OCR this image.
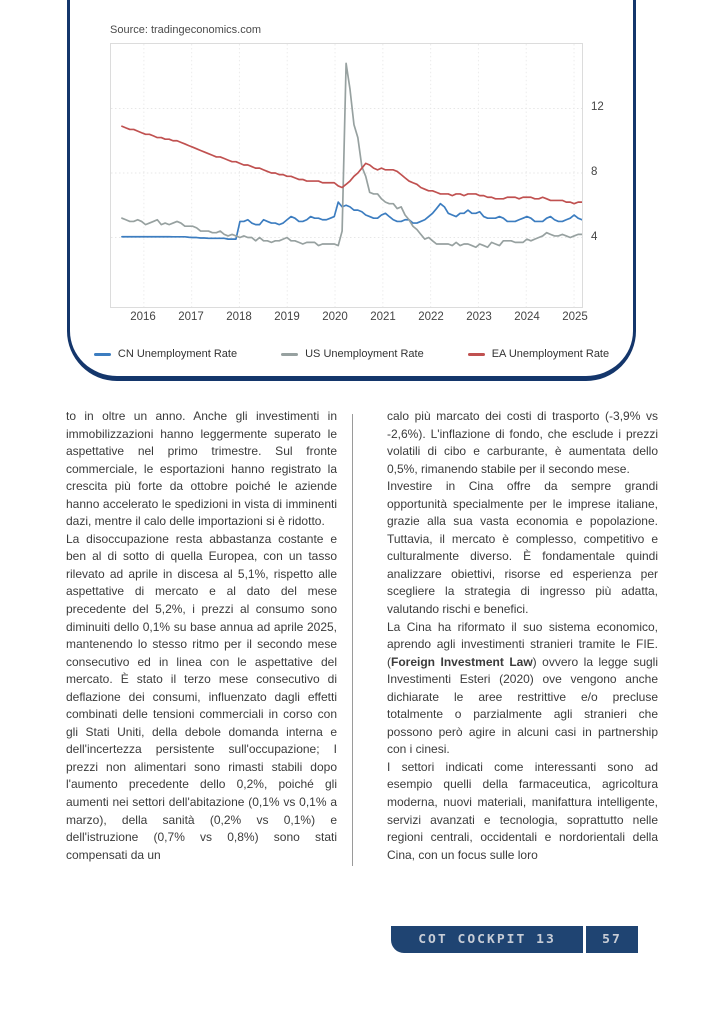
Source: tradingeconomics.com
12
8
4
2016	2017	2018	2019	2020	2021	2022	2023	2024	2025
CN Unemployment Rate	US Unemployment Rate	EA Unemployment Rate
to in oltre un anno. Anche gli investimenti in immobilizzazioni hanno leggermente superato le aspettative nel primo trimestre. Sul fronte commerciale, le esportazioni hanno registrato la crescita più forte da ottobre poiché le aziende hanno accelerato le spedizioni in vista di imminenti dazi, mentre il calo delle importazioni si è ridotto.
La disoccupazione resta abbastanza costante e ben al di sotto di quella Europea, con un tasso rilevato ad aprile in discesa al 5,1%, rispetto alle aspettative di mercato e al dato del mese precedente del 5,2%, i prezzi al consumo sono diminuiti dello 0,1% su base annua ad aprile 2025, mantenendo lo stesso ritmo per il secondo mese consecutivo ed in linea con le aspettative del mercato. È stato il terzo mese consecutivo di deflazione dei consumi, influenzato dagli effetti combinati delle tensioni commerciali in corso con gli Stati Uniti, della debole domanda interna e dell'incertezza persistente sull'occupazione; I prezzi non alimentari sono rimasti stabili dopo l'aumento precedente dello 0,2%, poiché gli aumenti nei settori dell'abitazione (0,1% vs 0,1% a marzo), della sanità (0,2% vs 0,1%) e dell'istruzione (0,7% vs 0,8%) sono stati compensati da un
calo più marcato dei costi di trasporto (-3,9% vs -2,6%). L'inflazione di fondo, che esclude i prezzi volatili di cibo e carburante, è aumentata dello 0,5%, rimanendo stabile per il secondo mese.
Investire in Cina offre da sempre grandi opportunità specialmente per le imprese italiane, grazie alla sua vasta economia e popolazione. Tuttavia, il mercato è complesso, competitivo e culturalmente diverso. È fondamentale quindi analizzare obiettivi, risorse ed esperienza per scegliere la strategia di ingresso più adatta, valutando rischi e benefici.
La Cina ha riformato il suo sistema economico, aprendo agli investimenti stranieri tramite le FIE. (Foreign Investment Law) ovvero la legge sugli Investimenti Esteri (2020) ove vengono anche dichiarate le aree restrittive e/o precluse totalmente o parzialmente agli stranieri che possono però agire in alcuni casi in partnership con i cinesi.
I settori indicati come interessanti sono ad esempio quelli della farmaceutica, agricoltura moderna, nuovi materiali, manifattura intelligente, servizi avanzati e tecnologia, soprattutto nelle regioni centrali, occidentali e nordorientali della Cina, con un focus sulle loro
COT COCKPIT 13	57
